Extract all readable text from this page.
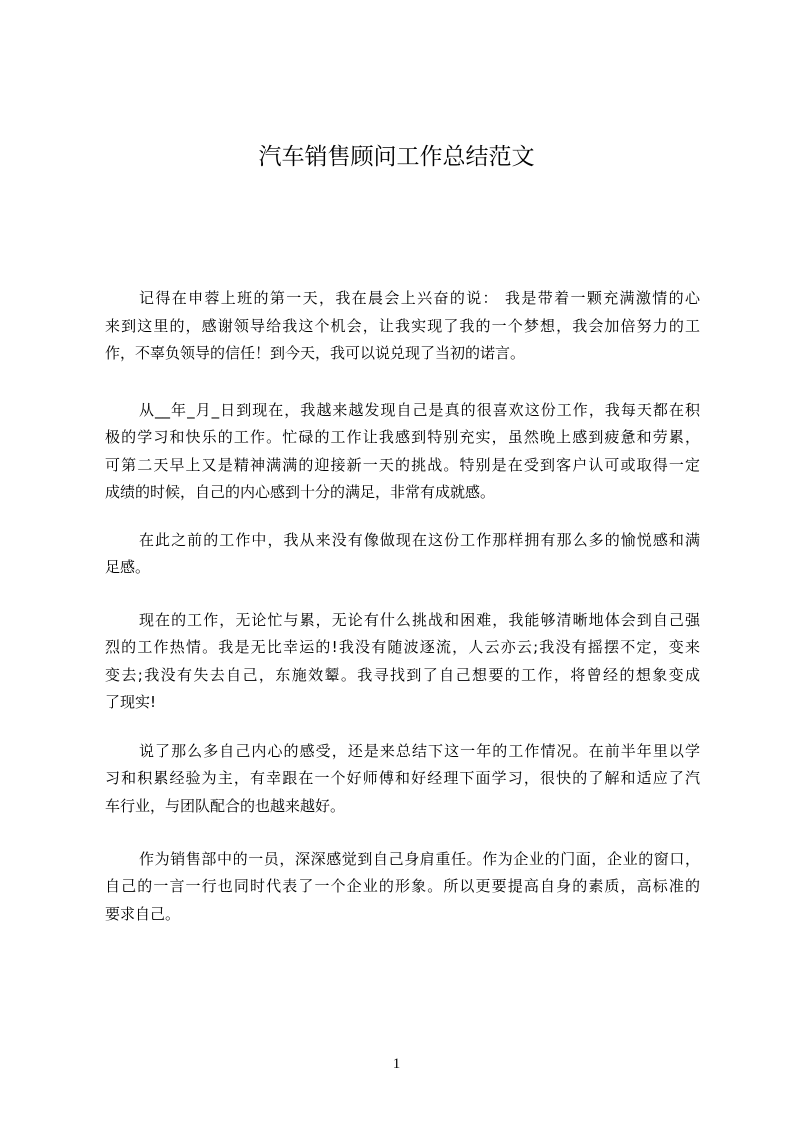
汽车销售顾问工作总结范文
记得在申蓉上班的第一天，我在晨会上兴奋的说： 我是带着一颗充满激情的心
来到这里的，感谢领导给我这个机会，让我实现了我的一个梦想，我会加倍努力的工
作，不辜负领导的信任！到今天，我可以说兑现了当初的诺言。
从__年_月_日到现在，我越来越发现自己是真的很喜欢这份工作，我每天都在积
极的学习和快乐的工作。忙碌的工作让我感到特别充实，虽然晚上感到疲惫和劳累，
可第二天早上又是精神满满的迎接新一天的挑战。特别是在受到客户认可或取得一定
成绩的时候，自己的内心感到十分的满足，非常有成就感。
在此之前的工作中，我从来没有像做现在这份工作那样拥有那么多的愉悦感和满
足感。
现在的工作，无论忙与累，无论有什么挑战和困难，我能够清晰地体会到自己强
烈的工作热情。我是无比幸运的!我没有随波逐流，人云亦云;我没有摇摆不定，变来
变去;我没有失去自己，东施效颦。我寻找到了自己想要的工作，将曾经的想象变成
了现实!
说了那么多自己内心的感受，还是来总结下这一年的工作情况。在前半年里以学
习和积累经验为主，有幸跟在一个好师傅和好经理下面学习，很快的了解和适应了汽
车行业，与团队配合的也越来越好。
作为销售部中的一员，深深感觉到自己身肩重任。作为企业的门面，企业的窗口，
自己的一言一行也同时代表了一个企业的形象。所以更要提高自身的素质，高标准的
要求自己。
1
